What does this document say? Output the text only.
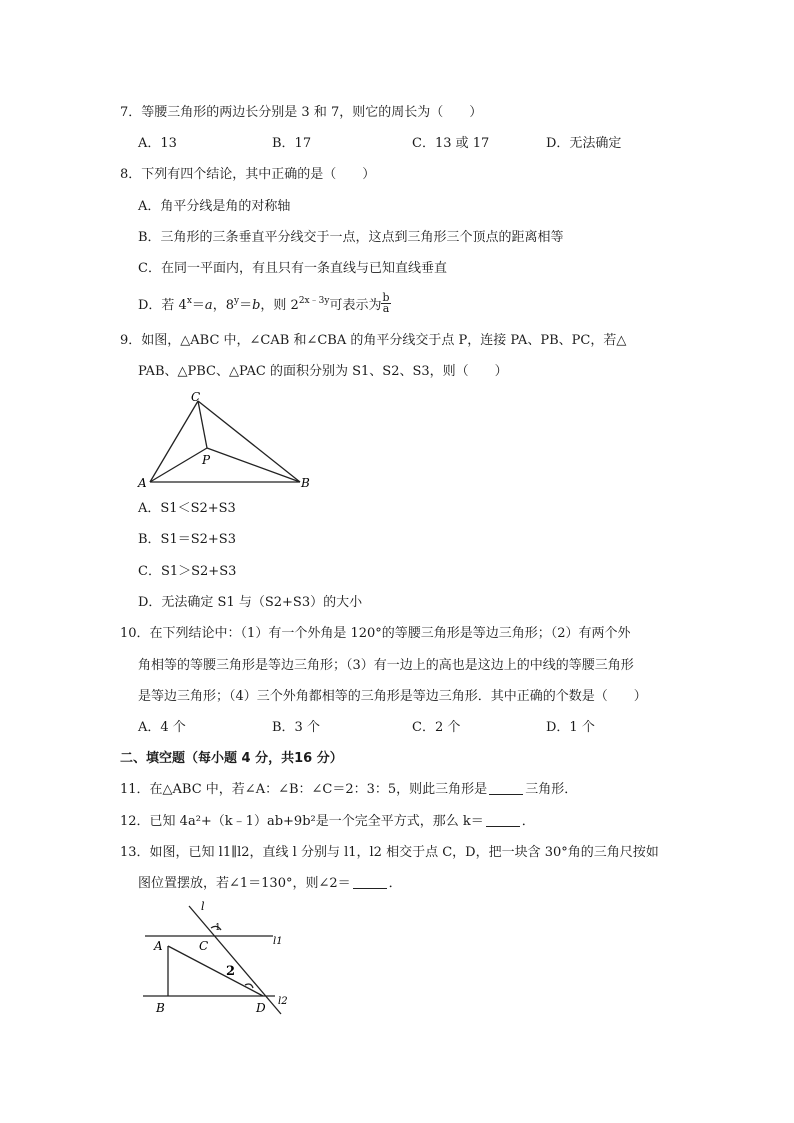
7．等腰三角形的两边长分别是 3 和 7，则它的周长为（　　）
A．13	B．17	C．13 或 17	D．无法确定
8．下列有四个结论，其中正确的是（　　）
A．角平分线是角的对称轴
B．三角形的三条垂直平分线交于一点，这点到三角形三个顶点的距离相等
C．在同一平面内，有且只有一条直线与已知直线垂直
D．若 $4^x=a$，$8^y=b$，则 $2^{2x﹣3y}$可表示为 $\frac{b}{a}$
9．如图，△ABC 中，∠CAB 和∠CBA 的角平分线交于点 P，连接 PA、PB、PC，若△
PAB、△PBC、△PAC 的面积分别为 S1、S2、S3，则（　　）
C
P
A	B
A．S1＜S2+S3
B．S1＝S2+S3
C．S1＞S2+S3
D．无法确定 S1 与（S2+S3）的大小
10．在下列结论中：（1）有一个外角是 120°的等腰三角形是等边三角形；（2）有两个外
角相等的等腰三角形是等边三角形；（3）有一边上的高也是这边上的中线的等腰三角形
是等边三角形；（4）三个外角都相等的三角形是等边三角形．其中正确的个数是（　　）
A．4 个	B．3 个	C．2 个	D．1 个
二、填空题（每小题 4 分，共16 分）
11．在△ABC 中，若∠A：∠B：∠C＝2：3：5，则此三角形是	三角形．
12．已知 4a²+（k﹣1）ab+9b²是一个完全平方式，那么 k＝	．
13．如图，已知 l1∥l2，直线 l 分别与 l1，l2 相交于点 C，D，把一块含 30°角的三角尺按如
图位置摆放，若∠1＝130°，则∠2＝	．
l
1
A	C	l1
2
B	D l2
